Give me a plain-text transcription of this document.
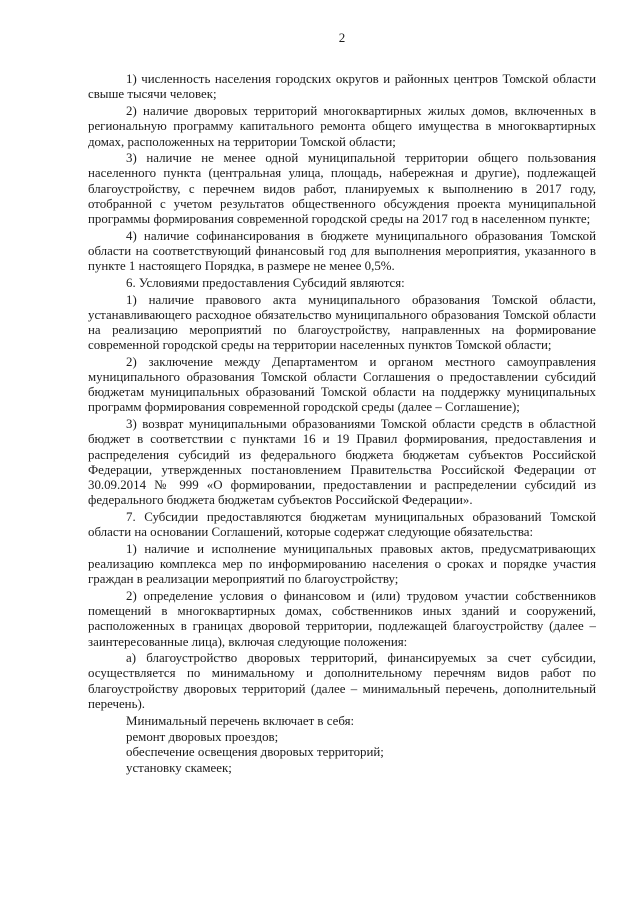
2

1) численность населения городских округов и районных центров Томской области свыше тысячи человек;

2) наличие дворовых территорий многоквартирных жилых домов, включенных в региональную программу капитального ремонта общего имущества в многоквартирных домах, расположенных на территории Томской области;

3) наличие не менее одной муниципальной территории общего пользования населенного пункта (центральная улица, площадь, набережная и другие), подлежащей благоустройству, с перечнем видов работ, планируемых к выполнению в 2017 году, отобранной с учетом результатов общественного обсуждения проекта муниципальной программы формирования современной городской среды на 2017 год в населенном пункте;

4) наличие софинансирования в бюджете муниципального образования Томской области на соответствующий финансовый год для выполнения мероприятия, указанного в пункте 1 настоящего Порядка, в размере не менее 0,5%.

6. Условиями предоставления Субсидий являются:

1) наличие правового акта муниципального образования Томской области, устанавливающего расходное обязательство муниципального образования Томской области на реализацию мероприятий по благоустройству, направленных на формирование современной городской среды на территории населенных пунктов Томской области;

2) заключение между Департаментом и органом местного самоуправления муниципального образования Томской области Соглашения о предоставлении субсидий бюджетам муниципальных образований Томской области на поддержку муниципальных программ формирования современной городской среды (далее – Соглашение);

3) возврат муниципальными образованиями Томской области средств в областной бюджет в соответствии с пунктами 16 и 19 Правил формирования, предоставления и распределения субсидий из федерального бюджета бюджетам субъектов Российской Федерации, утвержденных постановлением Правительства Российской Федерации от 30.09.2014 № 999 «О формировании, предоставлении и распределении субсидий из федерального бюджета бюджетам субъектов Российской Федерации».

7. Субсидии предоставляются бюджетам муниципальных образований Томской области на основании Соглашений, которые содержат следующие обязательства:

1) наличие и исполнение муниципальных правовых актов, предусматривающих реализацию комплекса мер по информированию населения о сроках и порядке участия граждан в реализации мероприятий по благоустройству;

2) определение условия о финансовом и (или) трудовом участии собственников помещений в многоквартирных домах, собственников иных зданий и сооружений, расположенных в границах дворовой территории, подлежащей благоустройству (далее – заинтересованные лица), включая следующие положения:

а) благоустройство дворовых территорий, финансируемых за счет субсидии, осуществляется по минимальному и дополнительному перечням видов работ по благоустройству дворовых территорий (далее – минимальный перечень, дополнительный перечень).

Минимальный перечень включает в себя:

ремонт дворовых проездов;

обеспечение освещения дворовых территорий;

установку скамеек;
